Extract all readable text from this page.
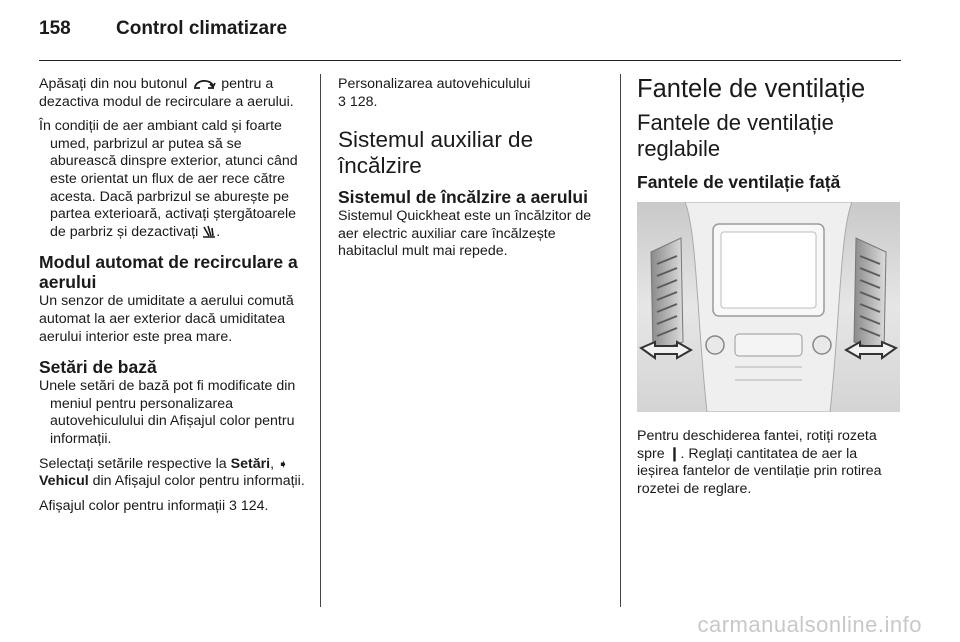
158 Control climatizare

Apăsați din nou butonul pentru a dezactiva modul de recirculare a aerului.

În condiții de aer ambiant cald și foarte umed, parbrizul ar putea să se aburească dinspre exterior, atunci când este orientat un flux de aer rece către acesta. Dacă parbrizul se aburește pe partea exterioară, activați ștergătoarele de parbriz și dezactivați .

Modul automat de recirculare a aerului

Un senzor de umiditate a aerului comută automat la aer exterior dacă umiditatea aerului interior este prea mare.

Setări de bază

Unele setări de bază pot fi modificate din meniul pentru personalizarea autovehiculului din Afișajul color pentru informații.

Selectați setările respective la Setări, ➧ Vehicul din Afișajul color pentru informații.

Afișajul color pentru informații 3 124.

Personalizarea autovehiculului
3 128.

Sistemul auxiliar de încălzire
Sistemul de încălzire a aerului

Sistemul Quickheat este un încălzitor de aer electric auxiliar care încălzește habitaclul mult mai repede.

Fantele de ventilație
Fantele de ventilație reglabile
Fantele de ventilație față

Pentru deschiderea fantei, rotiți rozeta spre ❙. Reglați cantitatea de aer la ieșirea fantelor de ventilație prin rotirea rozetei de reglare.

carmanualsonline.info
